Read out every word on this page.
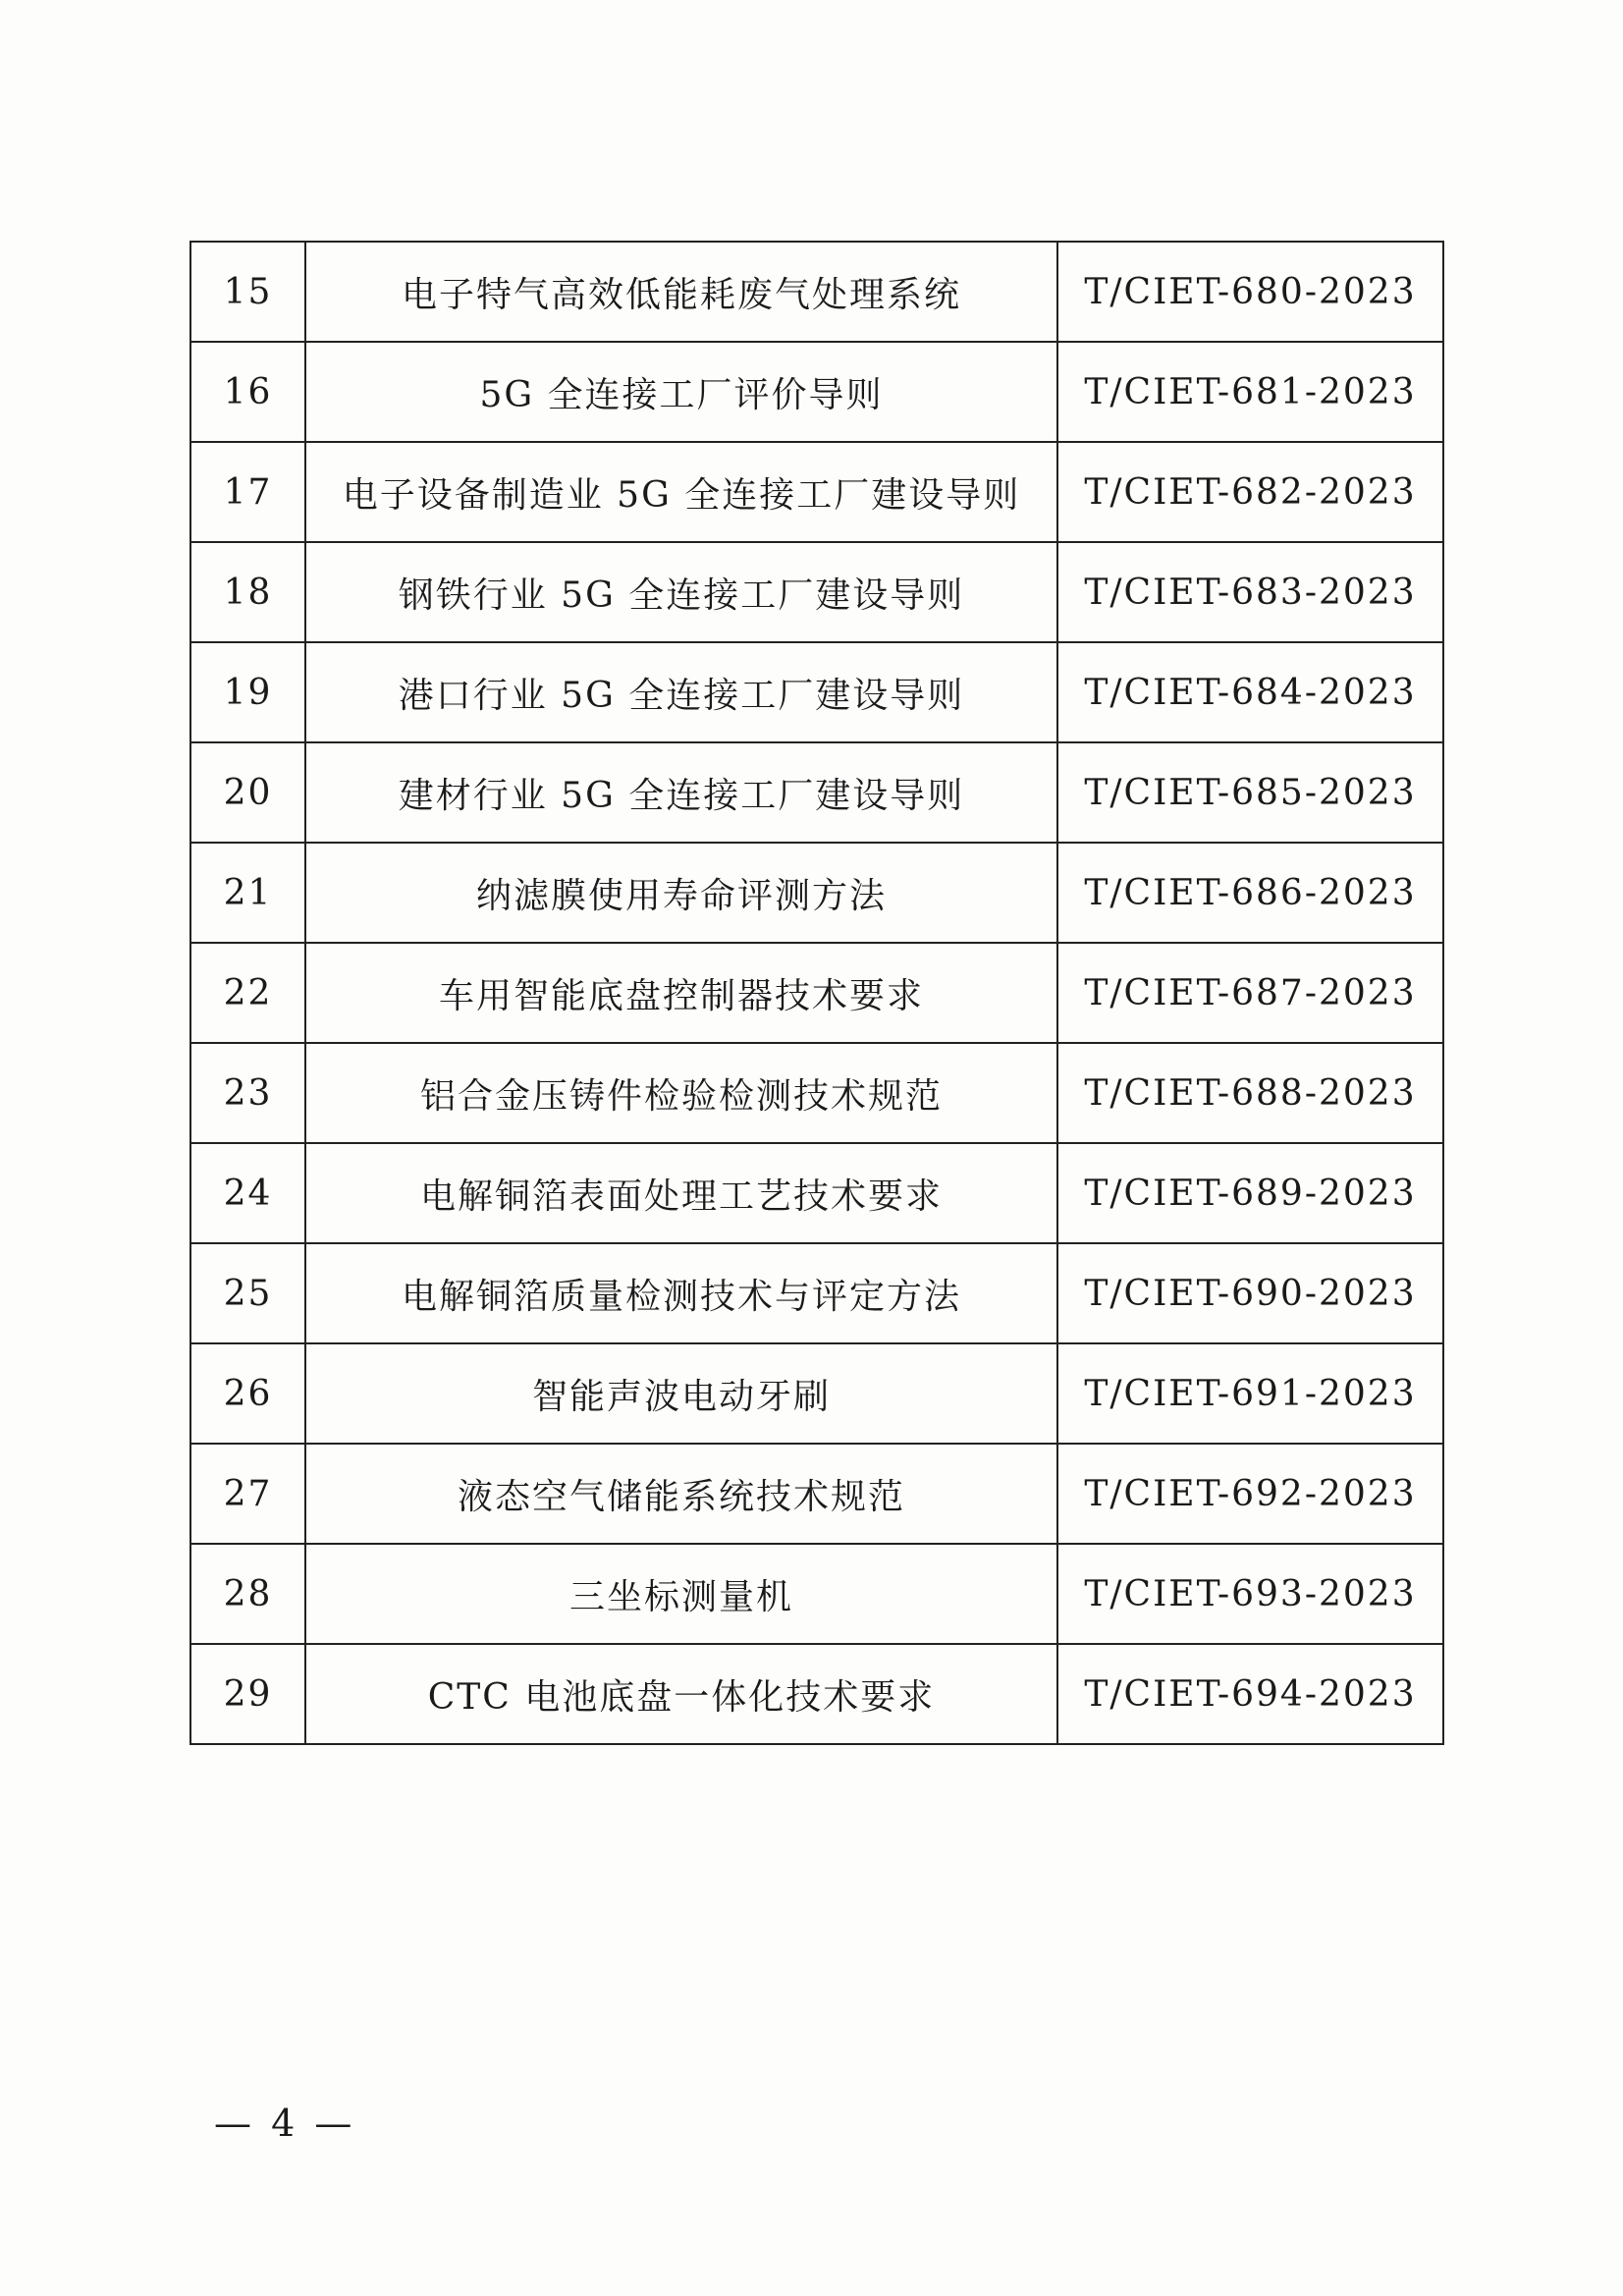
15	电子特气高效低能耗废气处理系统	T/CIET-680-2023
16	5G 全连接工厂评价导则	T/CIET-681-2023
17	电子设备制造业 5G 全连接工厂建设导则	T/CIET-682-2023
18	钢铁行业 5G 全连接工厂建设导则	T/CIET-683-2023
19	港口行业 5G 全连接工厂建设导则	T/CIET-684-2023
20	建材行业 5G 全连接工厂建设导则	T/CIET-685-2023
21	纳滤膜使用寿命评测方法	T/CIET-686-2023
22	车用智能底盘控制器技术要求	T/CIET-687-2023
23	铝合金压铸件检验检测技术规范	T/CIET-688-2023
24	电解铜箔表面处理工艺技术要求	T/CIET-689-2023
25	电解铜箔质量检测技术与评定方法	T/CIET-690-2023
26	智能声波电动牙刷	T/CIET-691-2023
27	液态空气储能系统技术规范	T/CIET-692-2023
28	三坐标测量机	T/CIET-693-2023
29	CTC 电池底盘一体化技术要求	T/CIET-694-2023
— 4 —
